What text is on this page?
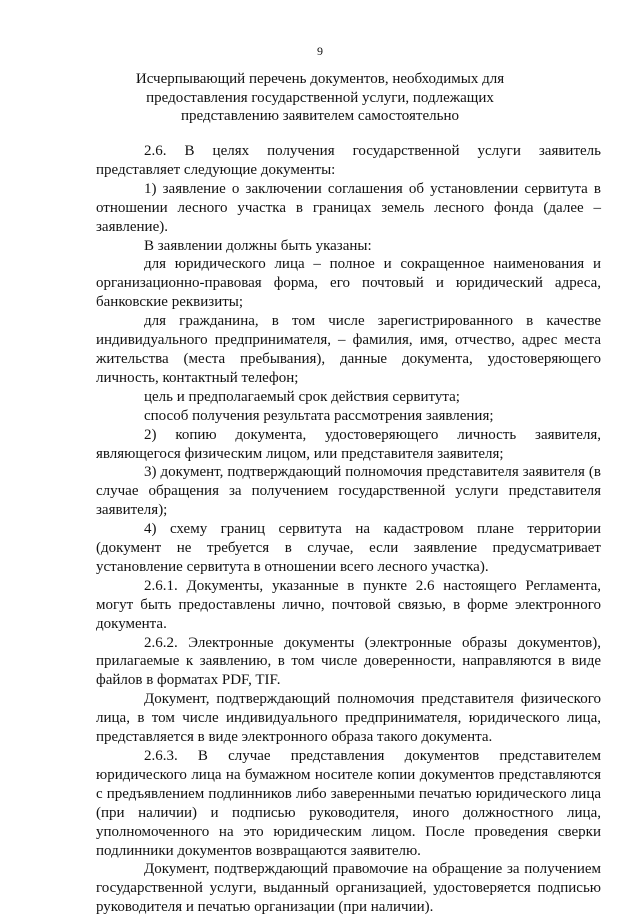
9
Исчерпывающий перечень документов, необходимых для предоставления государственной услуги, подлежащих представлению заявителем самостоятельно

2.6. В целях получения государственной услуги заявитель представляет следующие документы:

1) заявление о заключении соглашения об установлении сервитута в отношении лесного участка в границах земель лесного фонда (далее – заявление).

В заявлении должны быть указаны:

для юридического лица – полное и сокращенное наименования и организационно-правовая форма, его почтовый и юридический адреса, банковские реквизиты;

для гражданина, в том числе зарегистрированного в качестве индивидуального предпринимателя, – фамилия, имя, отчество, адрес места жительства (места пребывания), данные документа, удостоверяющего личность, контактный телефон;

цель и предполагаемый срок действия сервитута;

способ получения результата рассмотрения заявления;

2) копию документа, удостоверяющего личность заявителя, являющегося физическим лицом, или представителя заявителя;

3) документ, подтверждающий полномочия представителя заявителя (в случае обращения за получением государственной услуги представителя заявителя);

4) схему границ сервитута на кадастровом плане территории (документ не требуется в случае, если заявление предусматривает установление сервитута в отношении всего лесного участка).

2.6.1. Документы, указанные в пункте 2.6 настоящего Регламента, могут быть предоставлены лично, почтовой связью, в форме электронного документа.

2.6.2. Электронные документы (электронные образы документов), прилагаемые к заявлению, в том числе доверенности, направляются в виде файлов в форматах PDF, TIF.

Документ, подтверждающий полномочия представителя физического лица, в том числе индивидуального предпринимателя, юридического лица, представляется в виде электронного образа такого документа.

2.6.3. В случае представления документов представителем юридического лица на бумажном носителе копии документов представляются с предъявлением подлинников либо заверенными печатью юридического лица (при наличии) и подписью руководителя, иного должностного лица, уполномоченного на это юридическим лицом. После проведения сверки подлинники документов возвращаются заявителю.

Документ, подтверждающий правомочие на обращение за получением государственной услуги, выданный организацией, удостоверяется подписью руководителя и печатью организации (при наличии).
